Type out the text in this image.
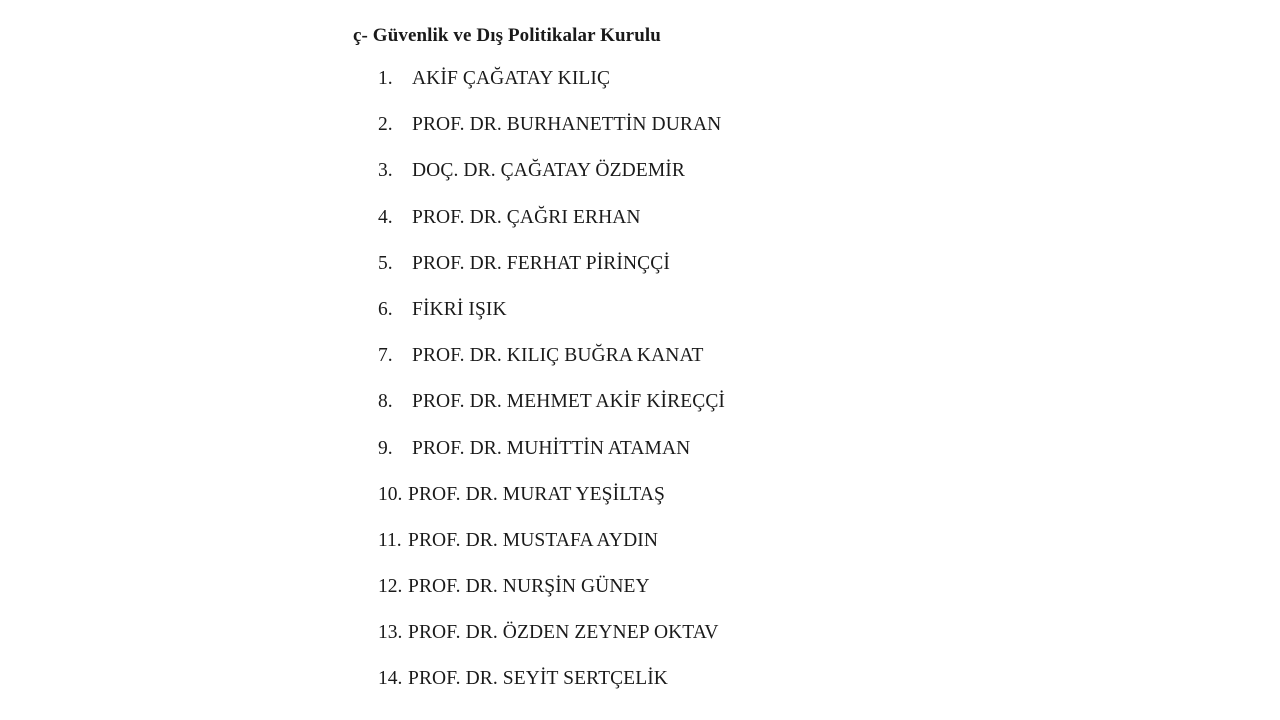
ç- Güvenlik ve Dış Politikalar Kurulu
1. AKİF ÇAĞATAY KILIÇ
2. PROF. DR. BURHANETTİN DURAN
3. DOÇ. DR. ÇAĞATAY ÖZDEMİR
4. PROF. DR. ÇAĞRI ERHAN
5. PROF. DR. FERHAT PİRİNÇÇİ
6. FİKRİ IŞIK
7. PROF. DR. KILIÇ BUĞRA KANAT
8. PROF. DR. MEHMET AKİF KİREÇÇİ
9. PROF. DR. MUHİTTİN ATAMAN
10. PROF. DR. MURAT YEŞİLTAŞ
11. PROF. DR. MUSTAFA AYDIN
12. PROF. DR. NURŞİN GÜNEY
13. PROF. DR. ÖZDEN ZEYNEP OKTAV
14. PROF. DR. SEYİT SERTÇELİK
